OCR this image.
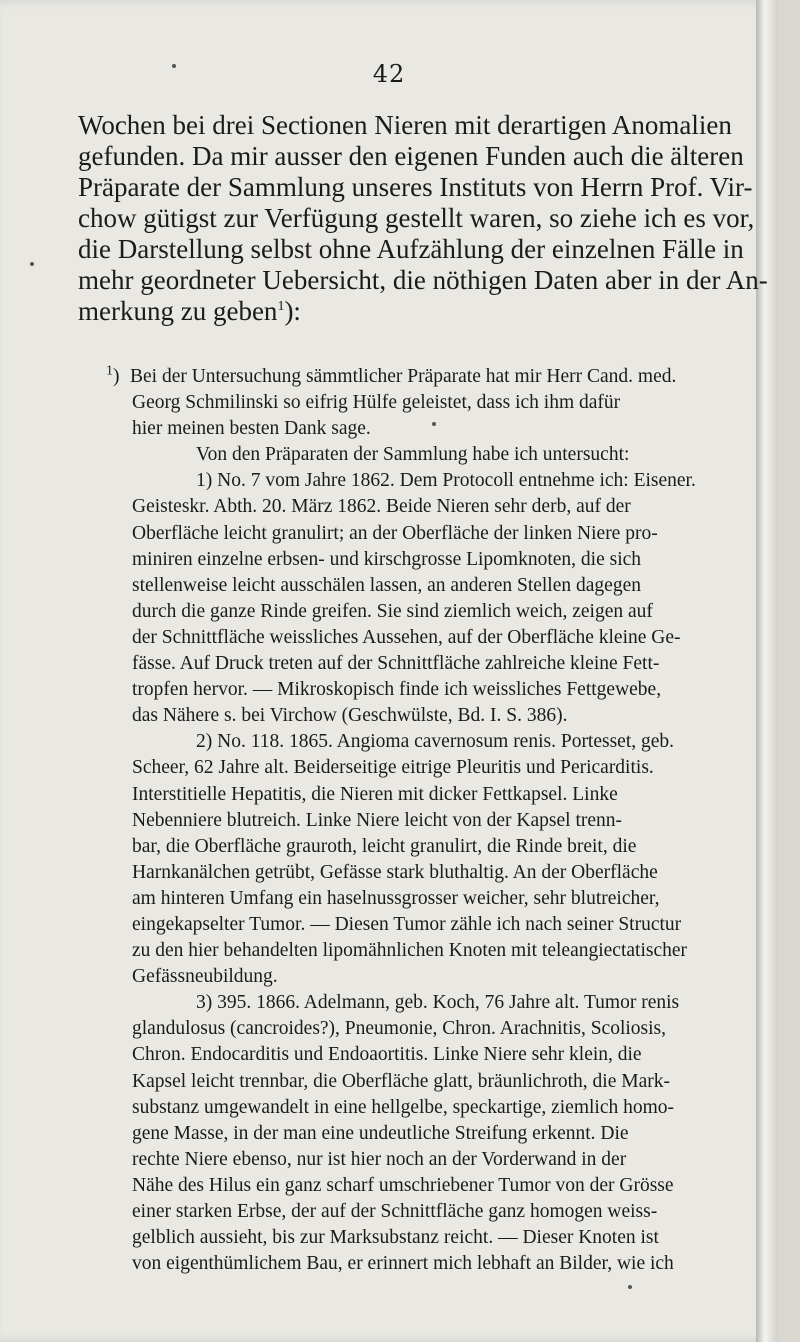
42
Wochen bei drei Sectionen Nieren mit derartigen Anomalien
gefunden. Da mir ausser den eigenen Funden auch die älteren
Präparate der Sammlung unseres Instituts von Herrn Prof. Vir-
chow gütigst zur Verfügung gestellt waren, so ziehe ich es vor,
die Darstellung selbst ohne Aufzählung der einzelnen Fälle in
mehr geordneter Uebersicht, die nöthigen Daten aber in der An-
merkung zu geben$^1$):
$^1$) Bei der Untersuchung sämmtlicher Präparate hat mir Herr Cand. med.
Georg Schmilinski so eifrig Hülfe geleistet, dass ich ihm dafür
hier meinen besten Dank sage.
Von den Präparaten der Sammlung habe ich untersucht:
1) No. 7 vom Jahre 1862. Dem Protocoll entnehme ich: Eisener.
Geisteskr. Abth. 20. März 1862. Beide Nieren sehr derb, auf der
Oberfläche leicht granulirt; an der Oberfläche der linken Niere pro-
miniren einzelne erbsen- und kirschgrosse Lipomknoten, die sich
stellenweise leicht ausschälen lassen, an anderen Stellen dagegen
durch die ganze Rinde greifen. Sie sind ziemlich weich, zeigen auf
der Schnittfläche weissliches Aussehen, auf der Oberfläche kleine Ge-
fässe. Auf Druck treten auf der Schnittfläche zahlreiche kleine Fett-
tropfen hervor. — Mikroskopisch finde ich weissliches Fettgewebe,
das Nähere s. bei Virchow (Geschwülste, Bd. I. S. 386).
2) No. 118. 1865. Angioma cavernosum renis. Portesset, geb.
Scheer, 62 Jahre alt. Beiderseitige eitrige Pleuritis und Pericarditis.
Interstitielle Hepatitis, die Nieren mit dicker Fettkapsel. Linke
Nebenniere blutreich. Linke Niere leicht von der Kapsel trenn-
bar, die Oberfläche grauroth, leicht granulirt, die Rinde breit, die
Harnkanälchen getrübt, Gefässe stark bluthaltig. An der Oberfläche
am hinteren Umfang ein haselnussgrosser weicher, sehr blutreicher,
eingekapselter Tumor. — Diesen Tumor zähle ich nach seiner Structur
zu den hier behandelten lipomähnlichen Knoten mit teleangiectatischer
Gefässneubildung.
3) 395. 1866. Adelmann, geb. Koch, 76 Jahre alt. Tumor renis
glandulosus (cancroides?), Pneumonie, Chron. Arachnitis, Scoliosis,
Chron. Endocarditis und Endoaortitis. Linke Niere sehr klein, die
Kapsel leicht trennbar, die Oberfläche glatt, bräunlichroth, die Mark-
substanz umgewandelt in eine hellgelbe, speckartige, ziemlich homo-
gene Masse, in der man eine undeutliche Streifung erkennt. Die
rechte Niere ebenso, nur ist hier noch an der Vorderwand in der
Nähe des Hilus ein ganz scharf umschriebener Tumor von der Grösse
einer starken Erbse, der auf der Schnittfläche ganz homogen weiss-
gelblich aussieht, bis zur Marksubstanz reicht. — Dieser Knoten ist
von eigenthümlichem Bau, er erinnert mich lebhaft an Bilder, wie ich
